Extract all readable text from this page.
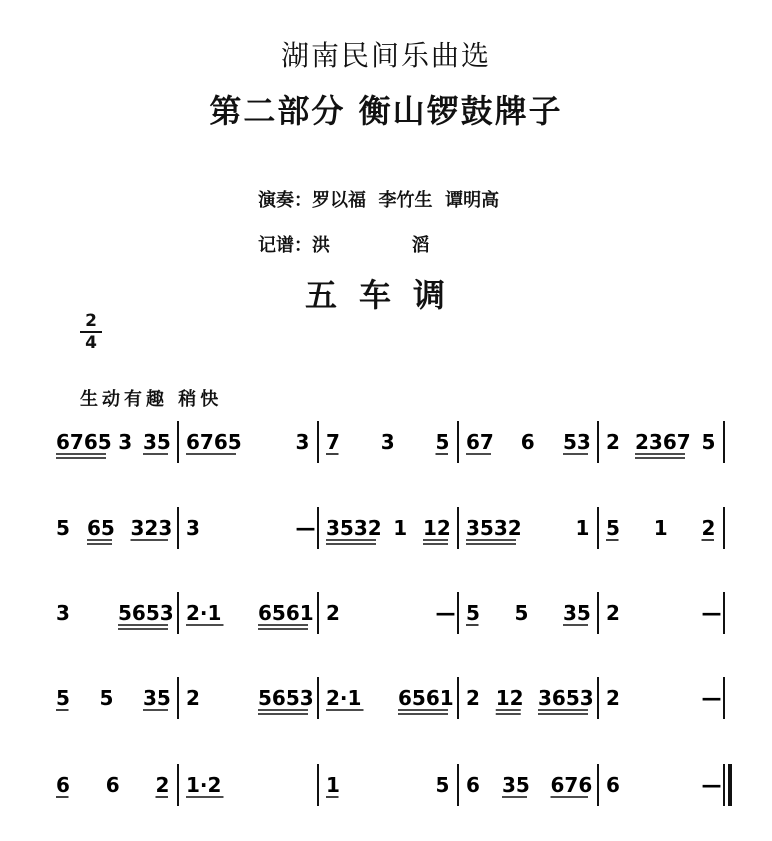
湖南民间乐曲选
第二部分 衡山锣鼓牌子
演奏：罗以福  李竹生  谭明高
记谱：洪             滔
五车调
2
4
生动有趣 稍快
6765 3 35 6765	3 7 3 5 67 6 53 2 2367 5
5 65 323 3	— 3532 1 12 3532	1 5 1 2
3 5653 2·1 6561 2	— 5 5 35 2	—
5 5 35 2	5653 2·1 6561 2 12 3653 2	—
6 6 2 1·2	1	5 6 35 676 6	—
